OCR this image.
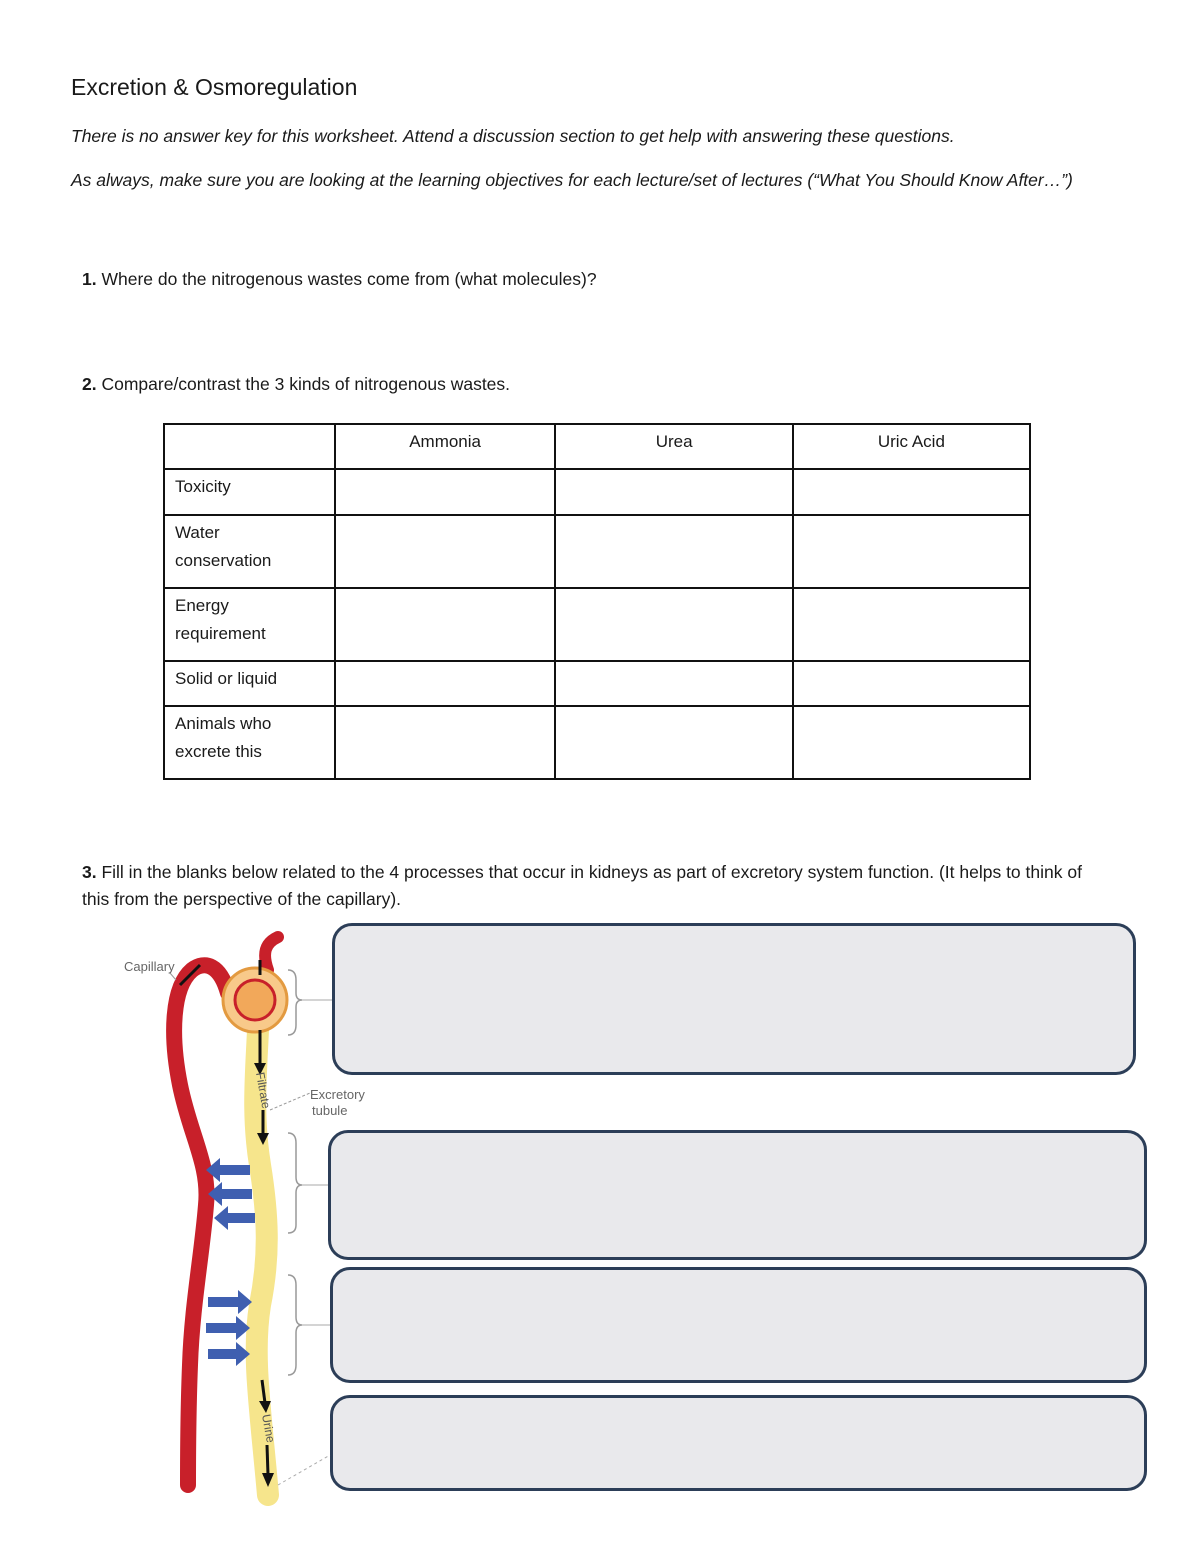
Excretion & Osmoregulation
There is no answer key for this worksheet. Attend a discussion section to get help with answering these questions.
As always, make sure you are looking at the learning objectives for each lecture/set of lectures (“What You Should Know After…”)
1. Where do the nitrogenous wastes come from (what molecules)?
2. Compare/contrast the 3 kinds of nitrogenous wastes.
	Ammonia	Urea	Uric Acid
Toxicity			

Water conservation			

Energy requirement			

Solid or liquid			

Animals who excrete this			

3. Fill in the blanks below related to the 4 processes that occur in kidneys as part of excretory system function. (It helps to think of this from the perspective of the capillary).
Capillary
Excretory
tubule
Filtrate
Urine
